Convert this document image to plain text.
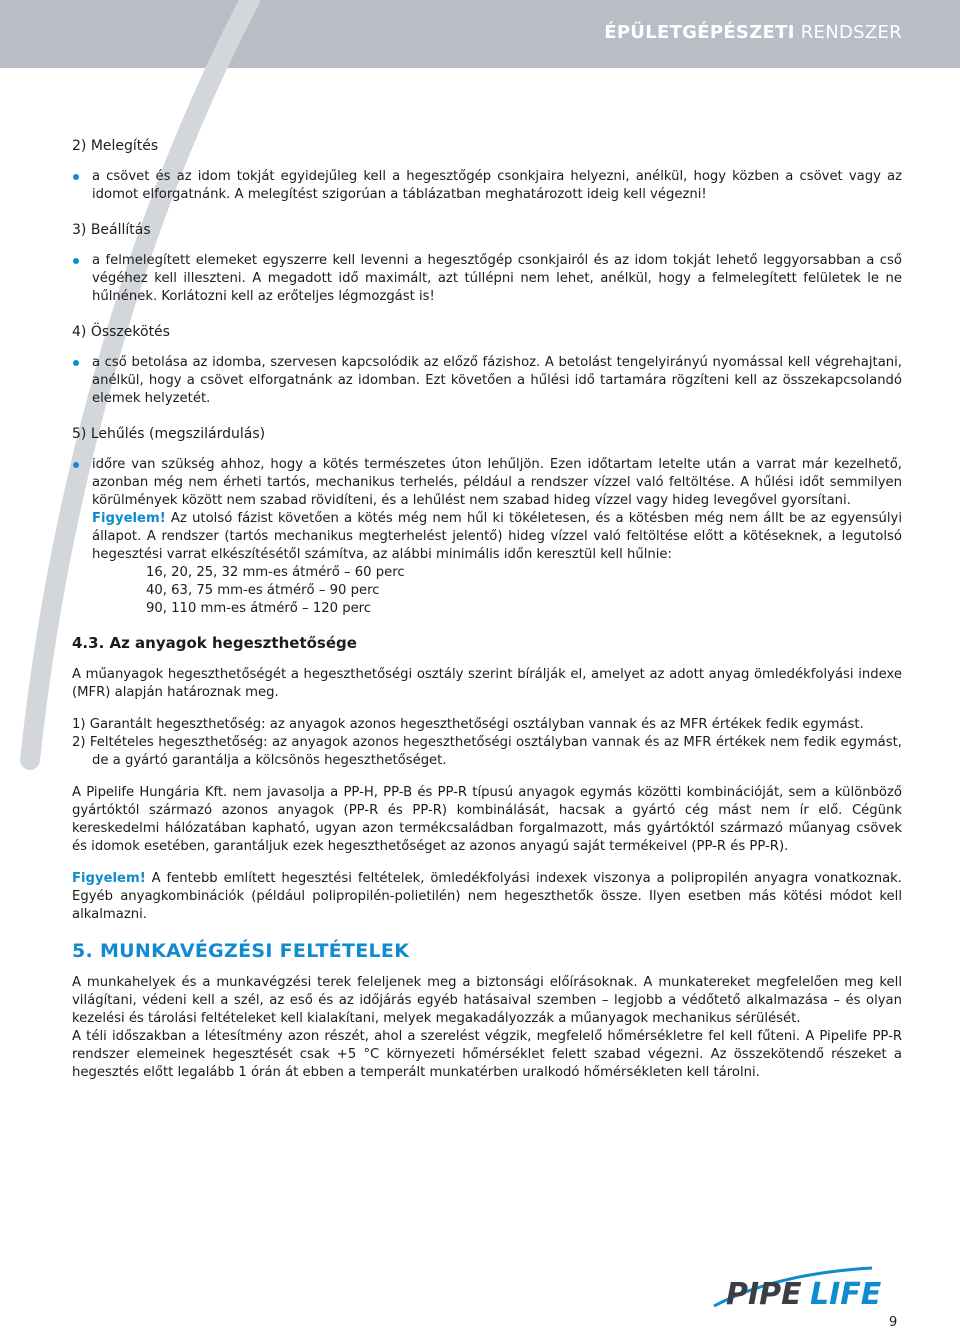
ÉPÜLETGÉPÉSZETI RENDSZER
2) Melegítés
a csövet és az idom tokját egyidejűleg kell a hegesztőgép csonkjaira helyezni, anélkül, hogy közben a csövet vagy az idomot elforgatnánk. A melegítést szigorúan a táblázatban meghatározott ideig kell végezni!
3) Beállítás
a felmelegített elemeket egyszerre kell levenni a hegesztőgép csonkjairól és az idom tokját lehető leggyorsabban a cső végéhez kell illeszteni. A megadott idő maximált, azt túllépni nem lehet, anélkül, hogy a felmelegített felületek le ne hűlnének. Korlátozni kell az erőteljes légmozgást is!
4) Összekötés
a cső betolása az idomba, szervesen kapcsolódik az előző fázishoz. A betolást tengelyirányú nyomással kell végrehajtani, anélkül, hogy a csövet elforgatnánk az idomban. Ezt követően a hűlési idő tartamára rögzíteni kell az összekapcsolandó elemek helyzetét.
5) Lehűlés (megszilárdulás)
időre van szükség ahhoz, hogy a kötés természetes úton lehűljön. Ezen időtartam letelte után a varrat már kezelhető, azonban még nem érheti tartós, mechanikus terhelés, például a rendszer vízzel való feltöltése. A hűlési időt semmilyen körülmények között nem szabad rövidíteni, és a lehűlést nem szabad hideg vízzel vagy hideg levegővel gyorsítani.
Figyelem! Az utolsó fázist követően a kötés még nem hűl ki tökéletesen, és a kötésben még nem állt be az egyensúlyi állapot. A rendszer (tartós mechanikus megterhelést jelentő) hideg vízzel való feltöltése előtt a kötéseknek, a legutolsó hegesztési varrat elkészítésétől számítva, az alábbi minimális időn keresztül kell hűlnie:
16, 20, 25, 32 mm-es átmérő – 60 perc
40, 63, 75 mm-es átmérő – 90 perc
90, 110 mm-es átmérő – 120 perc
4.3. Az anyagok hegeszthetősége

A műanyagok hegeszthetőségét a hegeszthetőségi osztály szerint bírálják el, amelyet az adott anyag ömledékfolyási indexe (MFR) alapján határoznak meg.

1) Garantált hegeszthetőség: az anyagok azonos hegeszthetőségi osztályban vannak és az MFR értékek fedik egymást.
2) Feltételes hegeszthetőség: az anyagok azonos hegeszthetőségi osztályban vannak és az MFR értékek nem fedik egymást, de a gyártó garantálja a kölcsönös hegeszthetőséget.

A Pipelife Hungária Kft. nem javasolja a PP-H, PP-B és PP-R típusú anyagok egymás közötti kombinációját, sem a különböző gyártóktól származó azonos anyagok (PP-R és PP-R) kombinálását, hacsak a gyártó cég mást nem ír elő. Cégünk kereskedelmi hálózatában kapható, ugyan azon termékcsaládban forgalmazott, más gyártóktól származó műanyag csövek és idomok esetében, garantáljuk ezek hegeszthetőséget az azonos anyagú saját termékeivel (PP-R és PP-R).

Figyelem! A fentebb említett hegesztési feltételek, ömledékfolyási indexek viszonya a polipropilén anyagra vonatkoznak. Egyéb anyagkombinációk (például polipropilén-polietilén) nem hegeszthetők össze. Ilyen esetben más kötési módot kell alkalmazni.

5. MUNKAVÉGZÉSI FELTÉTELEK

A munkahelyek és a munkavégzési terek feleljenek meg a biztonsági előírásoknak. A munkatereket megfelelően meg kell világítani, védeni kell a szél, az eső és az időjárás egyéb hatásaival szemben – legjobb a védőtető alkalmazása – és olyan kezelési és tárolási feltételeket kell kialakítani, melyek megakadályozzák a műanyagok mechanikus sérülését.
A téli időszakban a létesítmény azon részét, ahol a szerelést végzik, megfelelő hőmérsékletre fel kell fűteni. A Pipelife PP-R rendszer elemeinek hegesztését csak +5 °C környezeti hőmérséklet felett szabad végezni. Az összekötendő részeket a hegesztés előtt legalább 1 órán át ebben a temperált munkatérben uralkodó hőmérsékleten kell tárolni.

PIPE LIFE
9
